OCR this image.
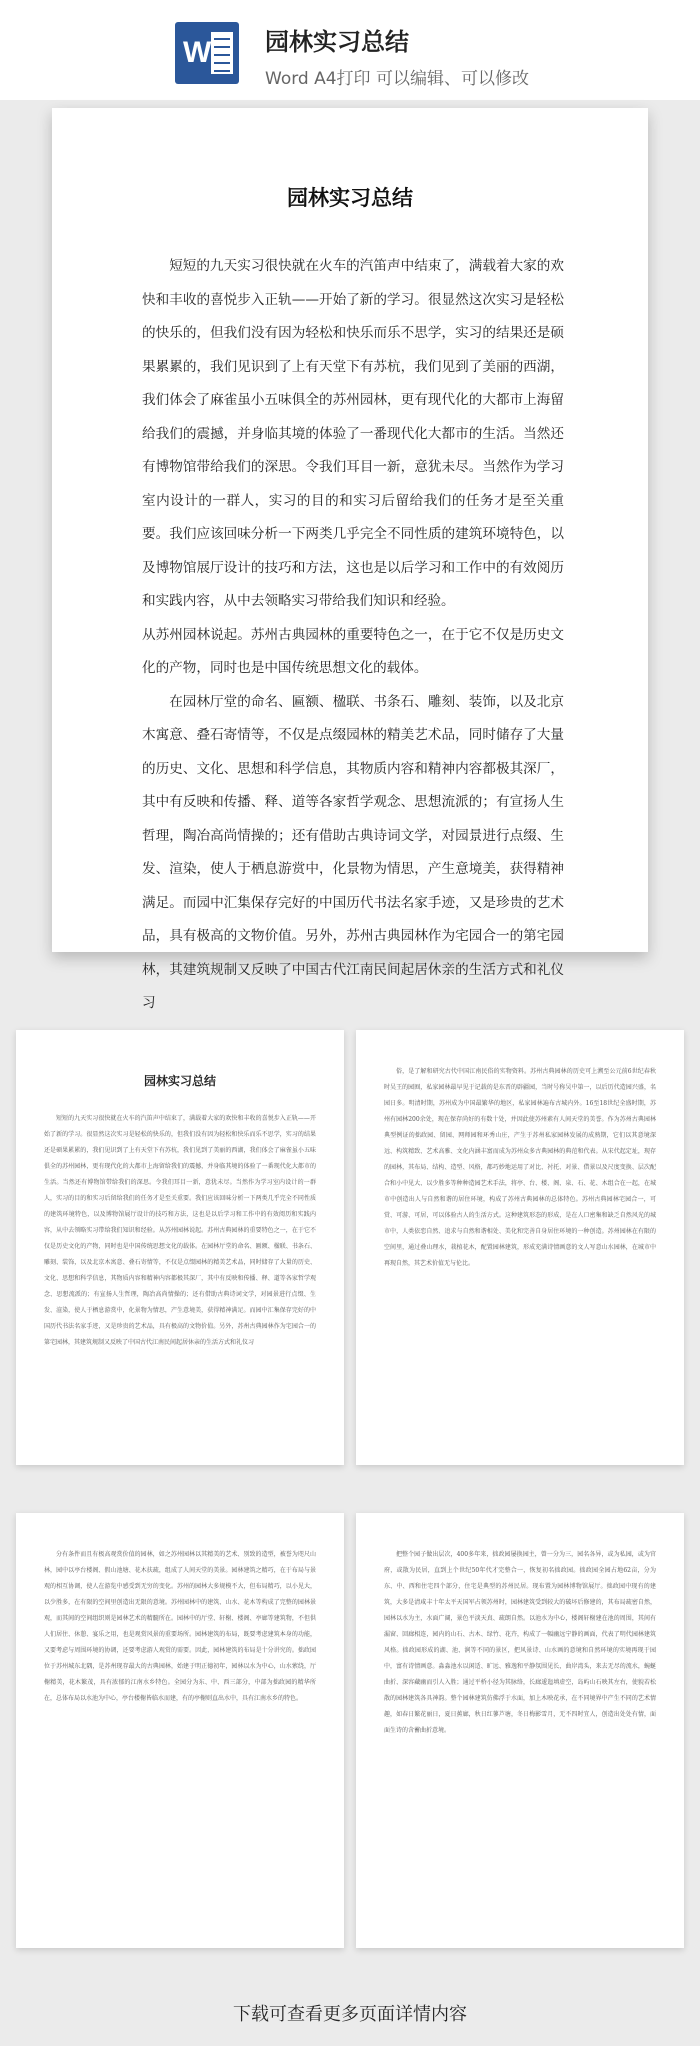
W 园林实习总结
Word A4打印 可以编辑、可以修改
园林实习总结

短短的九天实习很快就在火车的汽笛声中结束了，满载着大家的欢快和丰收的喜悦步入正轨——开始了新的学习。很显然这次实习是轻松的快乐的，但我们没有因为轻松和快乐而乐不思学，实习的结果还是硕果累累的，我们见识到了上有天堂下有苏杭，我们见到了美丽的西湖，我们体会了麻雀虽小五味俱全的苏州园林，更有现代化的大都市上海留给我们的震撼，并身临其境的体验了一番现代化大都市的生活。当然还有博物馆带给我们的深思。令我们耳目一新，意犹未尽。当然作为学习室内设计的一群人，实习的目的和实习后留给我们的任务才是至关重要。我们应该回味分析一下两类几乎完全不同性质的建筑环境特色，以及博物馆展厅设计的技巧和方法，这也是以后学习和工作中的有效阅历和实践内容，从中去领略实习带给我们知识和经验。

从苏州园林说起。苏州古典园林的重要特色之一，在于它不仅是历史文化的产物，同时也是中国传统思想文化的载体。

在园林厅堂的命名、匾额、楹联、书条石、雕刻、装饰，以及北京木寓意、叠石寄情等，不仅是点缀园林的精美艺术品，同时储存了大量的历史、文化、思想和科学信息，其物质内容和精神内容都极其深厂，其中有反映和传播、释、道等各家哲学观念、思想流派的；有宣扬人生哲理，陶冶高尚情操的；还有借助古典诗词文学，对园景进行点缀、生发、渲染，使人于栖息游赏中，化景物为情思，产生意境美，获得精神满足。而园中汇集保存完好的中国历代书法名家手迹，又是珍贵的艺术品，具有极高的文物价值。另外，苏州古典园林作为宅园合一的第宅园林，其建筑规制又反映了中国古代江南民间起居休亲的生活方式和礼仪习

园林实习总结

短短的九天实习很快就在火车的汽笛声中结束了，满载着大家的欢快和丰收的喜悦步入正轨——开始了新的学习。很显然这次实习是轻松的快乐的，但我们没有因为轻松和快乐而乐不思学，实习的结果还是硕果累累的，我们见识到了上有天堂下有苏杭，我们见到了美丽的西湖，我们体会了麻雀虽小五味俱全的苏州园林，更有现代化的大都市上海留给我们的震撼，并身临其境的体验了一番现代化大都市的生活。当然还有博物馆带给我们的深思。令我们耳目一新，意犹未尽。当然作为学习室内设计的一群人，实习的目的和实习后留给我们的任务才是至关重要。我们应该回味分析一下两类几乎完全不同性质的建筑环境特色，以及博物馆展厅设计的技巧和方法，这也是以后学习和工作中的有效阅历和实践内容，从中去领略实习带给我们知识和经验。从苏州园林说起。苏州古典园林的重要特色之一，在于它不仅是历史文化的产物，同时也是中国传统思想文化的载体。在园林厅堂的命名、匾额、楹联、书条石、雕刻、装饰，以及北京木寓意、叠石寄情等，不仅是点缀园林的精美艺术品，同时储存了大量的历史、文化、思想和科学信息，其物质内容和精神内容都极其深厂，其中有反映和传播、释、道等各家哲学观念、思想流派的；有宣扬人生哲理，陶冶高尚情操的；还有借助古典诗词文学，对园景进行点缀、生发、渲染，使人于栖息游赏中，化景物为情思，产生意境美，获得精神满足。而园中汇集保存完好的中国历代书法名家手迹，又是珍贵的艺术品，具有极高的文物价值。另外，苏州古典园林作为宅园合一的第宅园林，其建筑规制又反映了中国古代江南民间起居休亲的生活方式和礼仪习

俗，是了解和研究古代中国江南民俗的实物资料。苏州古典园林的历史可上溯至公元前6世纪春秋时吴王的园囿，私家园林最早见于记载的是东晋的辟疆园，当时号称吴中第一，以后历代造园兴盛，名园日多。明清时期，苏州成为中国最繁华的地区，私家园林遍布古城内外。16至18世纪全盛时期，苏州有园林200余处，现在保存尚好的有数十处，并因此使苏州素有人间天堂的美誉。作为苏州古典园林典型例证的拙政园、留园、网师园和环秀山庄，产生于苏州私家园林发展的成熟期，它们以其意境深远、构筑精致、艺术高雅、文化内涵丰富而成为苏州众多古典园林的典范和代表。从宋代起定址，现存的园林，其布局、结构、造型、风格，都巧妙地运用了对比、衬托、对景、借景以及尺度变换、层次配合和小中见大、以少胜多等种种造园艺术手法，将亭、台、楼、阁、泉、石、花、木组合在一起，在城市中创造出人与自然和谐的居住环境，构成了苏州古典园林的总体特色。苏州古典园林宅园合一，可赏、可游、可居，可以体验古人的生活方式。这种建筑形态的形成，是在人口密集和缺乏自然风光的城市中，人类依恋自然、追求与自然和谐相处、美化和完善自身居住环境的一种创造。苏州园林在有限的空间里，通过叠山理水，栽植花木，配置园林建筑，形成充满诗情画意的文人写意山水园林，在城市中再现自然，其艺术价值无与伦比。

分有条件而且有极高观赏价值的园林，如之苏州园林以其精美的艺术、别致的造型，被誉为咫尺山林，园中以亭台楼阁、假山池塘、花木扶疏，组成了人间天堂的美景。园林建筑之精巧，在于布局与景观的相互协调，使人在游览中感受到无穷的变化。苏州的园林大多规模不大，但布局精巧，以小见大，以少胜多，在有限的空间里创造出无限的意境。苏州园林中的建筑、山水、花木等构成了完整的园林景观，而其间的空间组织则是园林艺术的精髓所在。园林中的厅堂、轩榭、楼阁、亭廊等建筑物，不但供人们居住、休憩、宴乐之用，也是观赏风景的重要场所。园林建筑的布局，既要考虑建筑本身的功能，又要考虑与周围环境的协调，还要考虑游人观赏的需要。因此，园林建筑的布局是十分讲究的。拙政园位于苏州城东北隅，是苏州现存最大的古典园林，始建于明正德初年，园林以水为中心，山水萦绕，厅榭精美，花木繁茂，具有浓郁的江南水乡特色。全园分为东、中、西三部分，中部为拙政园的精华所在，总体布局以水池为中心，亭台楼榭皆临水而建，有的亭榭则直出水中，具有江南水乡的特色。

把整个园子做出层次，400多年来，拙政园屡换园主，曾一分为三，园名各异，或为私园，或为官府，或散为民居，直到上个世纪50年代才完整合一，恢复初名拙政园。拙政园全园占地62亩，分为东、中、西和住宅四个部分，住宅是典型的苏州民居。现布置为园林博物馆展厅。拙政园中现有的建筑，大多是清咸丰十年太平天国军占领苏州时，园林建筑受到较大的破坏后修建的，其布局疏密自然，园林以水为主，水面广阔，景色平淡天真、疏朗自然。以池水为中心，楼阁轩榭建在池的周围，其间有漏窗、回廊相连，园内的山石、古木、绿竹、花卉，构成了一幅幽远宁静的画面，代表了明代园林建筑风格。拙政园形成的湖、池、涧等不同的景区，把风景诗、山水画的意境和自然环境的实境再现于园中，富有诗情画意。淼淼池水以闲适、旷远、雅逸和平静氛围见长，曲岸湾头，来去无尽的流水，蜿蜒曲折、深容藏幽而引人入胜；通过平桥小径为其脉络，长廊逶迤填虚空，岛屿山石映其左右，使貌若松散的园林建筑各具神韵。整个园林建筑仿佛浮于水面，加上木映花承，在不同境界中产生不同的艺术情趣，如春日繁花丽日，夏日蕉廊，秋日红蓼芦塘，冬日梅影雪月，无不四时宜人，创造出处处有情，面面生诗的含蓄曲折意境。

下载可查看更多页面详情内容
